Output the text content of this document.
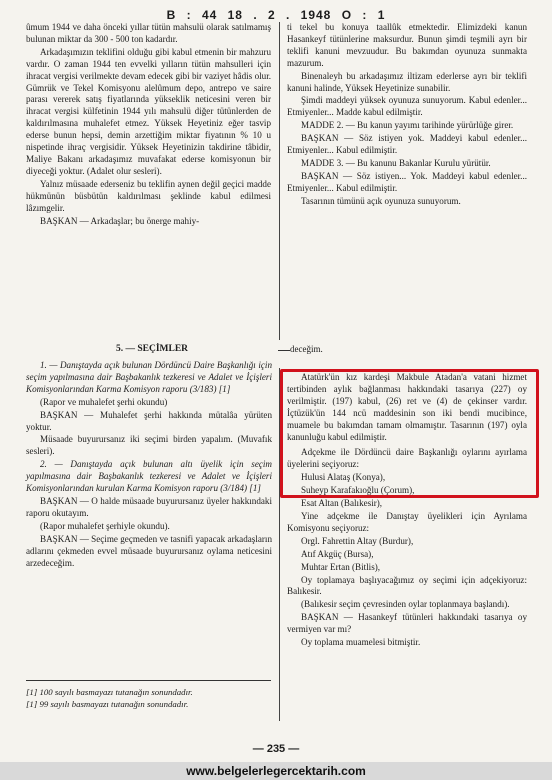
B : 44 18 . 2 . 1948 O : 1

ûmum 1944 ve daha önceki yıllar tütün mahsulü olarak satılmamış bulunan miktar da 300 - 500 ton kadardır.

Arkadaşımızın teklifini olduğu gibi kabul etmenin bir mahzuru vardır. O zaman 1944 ten evvelki yılların tütün mahsulleri için ihracat vergisi verilmekte devam edecek gibi bir vaziyet hâdis olur. Gümrük ve Tekel Komisyonu alelûmum depo, antrepo ve saire parası vererek satış fiyatlarında yükseklik neticesini veren bir ihracat vergisi külfetinin 1944 yılı mahsulü diğer tütünlerden de kaldırılmasına muhalefet etmez. Yüksek Heyetiniz eğer tasvip ederse bunun hepsi, demin arzettiğim miktar fiyatının % 10 u nispetinde ihraç vergisidir. Yüksek Heyetinizin takdirine tâbidir, Maliye Bakanı arkadaşımız muvafakat ederse komisyonun bir diyeceği yoktur. (Adalet olur sesleri).

Yalnız müsaade ederseniz bu teklifin aynen değil geçici madde hükmünün büsbütün kaldırılması şeklinde kabul edilmesi lâzımgelir.

BAŞKAN — Arkadaşlar; bu önerge mahiy-

ti tekel bu konuya taallûk etmektedir. Elimizdeki kanun Hasankeyf tütünlerine maksurdur. Bunun şimdi teşmili ayrı bir teklifi kanuni mevzuudur. Bu bakımdan oyunuza sunmakta mazurum.

Binenaleyh bu arkadaşımız iltizam ederlerse ayrı bir teklifi kanuni halinde, Yüksek Heyetinize sunabilir.

Şimdi maddeyi yüksek oyunuza sunuyorum. Kabul edenler... Etmiyenler... Madde kabul edilmiştir.

MADDE 2. — Bu kanun yayımı tarihinde yürürlüğe girer.

BAŞKAN — Söz istiyen yok. Maddeyi kabul edenler... Etmiyenler... Kabul edilmiştir.

MADDE 3. — Bu kanunu Bakanlar Kurulu yürütür.

BAŞKAN — Söz istiyen... Yok. Maddeyi kabul edenler... Etmiyenler... Kabul edilmiştir.

Tasarının tümünü açık oyunuza sunuyorum.

5. — SEÇİMLER	deceğim.

1. — Danıştayda açık bulunan Dördüncü Daire Başkanlığı için seçim yapılmasına dair Başbakanlık tezkeresi ve Adalet ve İçişleri Komisyonlarından Karma Komisyon raporu (3/183) [1]

(Rapor ve muhalefet şerhi okundu)

BAŞKAN — Muhalefet şerhi hakkında mütalâa yürüten yoktur.

Müsaade buyurursanız iki seçimi birden yapalım. (Muvafık sesleri).

2. — Danıştayda açık bulunan altı üyelik için seçim yapılmasına dair Başbakanlık tezkeresi ve Adalet ve İçişleri Komisyonlarından kurulan Karma Komisyon raporu (3/184) [1]

BAŞKAN — O halde müsaade buyurursanız üyeler hakkındaki raporu okutayım.

(Rapor muhalefet şerhiyle okundu).

BAŞKAN — Seçime geçmeden ve tasnifi yapacak arkadaşların adlarını çekmeden evvel müsaade buyurursanız oylama neticesini arzedeceğim.

Atatürk'ün kız kardeşi Makbule Atadan'a vatani hizmet tertibinden aylık bağlanması hakkındaki tasarıya (227) oy verilmiştir. (197) kabul, (26) ret ve (4) de çekinser vardır. İçtüzük'ün 144 ncü maddesinin son iki bendi mucibince, muamele bu bakımdan tamam olmamıştır. Tasarının (197) oyla kanunluğu kabul edilmiştir.

Adçekme ile Dördüncü daire Başkanlığı oylarını ayırlama üyelerini seçiyoruz:

Hulusi Alataş (Konya),

Suheyp Karafakıoğlu (Çorum),

Esat Altan (Balıkesir),

Yine adçekme ile Danıştay üyelikleri için Ayrılama Komisyonu seçiyoruz:

Orgl. Fahrettin Altay (Burdur),

Atıf Akgüç (Bursa),

Muhtar Ertan (Bitlis),

Oy toplamaya başlıyacağımız oy seçimi için adçekiyoruz: Balıkesir.

(Balıkesir seçim çevresinden oylar toplanmaya başlandı).

BAŞKAN — Hasankeyf tütünleri hakkındaki tasarıya oy vermiyen var mı?

Oy toplama muamelesi bitmiştir.

[1] 100 sayılı basmayazı tutanağın sonundadır.
[1] 99 sayılı basmayazı tutanağın sonundadır.
— 235 —
www.belgelerlegercektarih.com
